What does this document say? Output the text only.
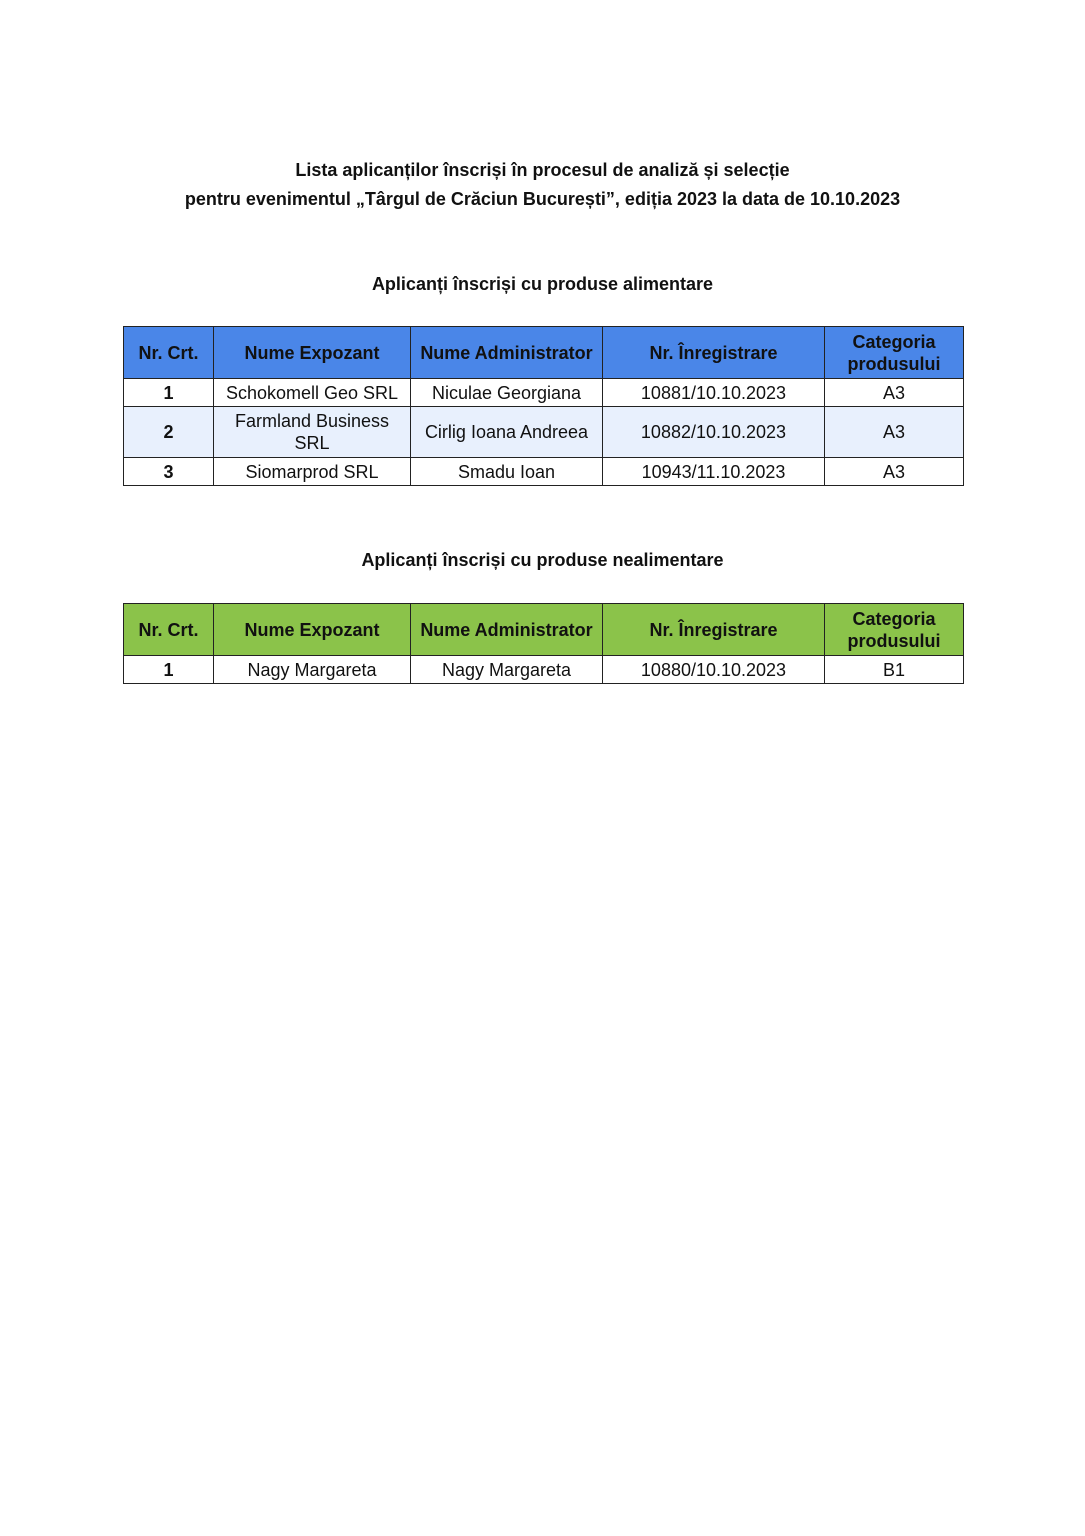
Lista aplicanților înscriși în procesul de analiză și selecție
pentru evenimentul „Târgul de Crăciun București”, ediția 2023 la data de 10.10.2023
Aplicanți înscriși cu produse alimentare
Nr. Crt.	Nume Expozant	Nume Administrator	Nr. Înregistrare	Categoria produsului
1	Schokomell Geo SRL	Niculae Georgiana	10881/10.10.2023	A3
2	Farmland Business SRL	Cirlig Ioana Andreea	10882/10.10.2023	A3
3	Siomarprod SRL	Smadu Ioan	10943/11.10.2023	A3
Aplicanți înscriși cu produse nealimentare
Nr. Crt.	Nume Expozant	Nume Administrator	Nr. Înregistrare	Categoria produsului
1	Nagy Margareta	Nagy Margareta	10880/10.10.2023	B1
